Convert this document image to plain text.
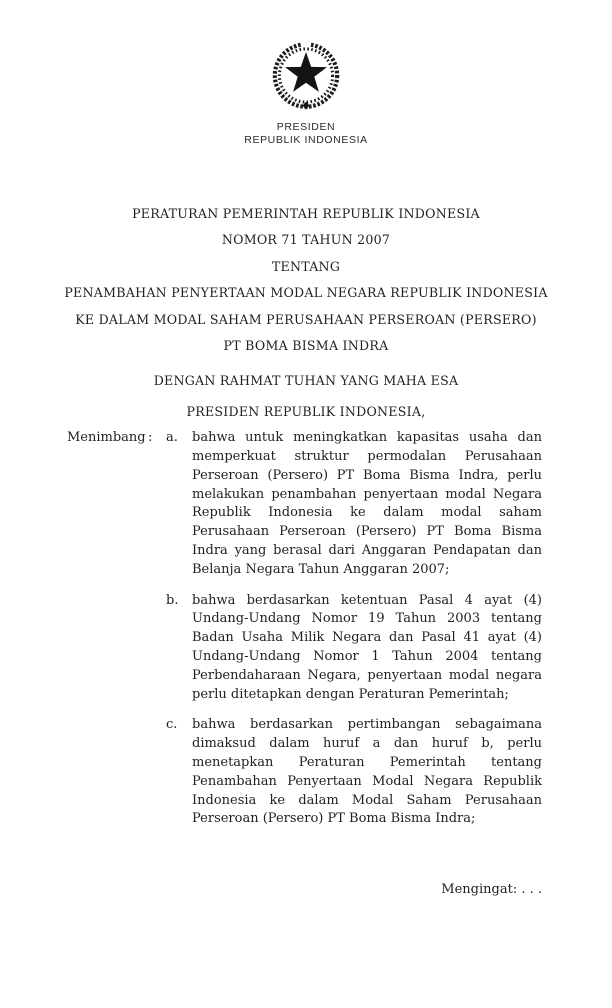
PRESIDEN
REPUBLIK INDONESIA
PERATURAN PEMERINTAH REPUBLIK INDONESIA
NOMOR 71 TAHUN 2007
TENTANG
PENAMBAHAN PENYERTAAN MODAL NEGARA REPUBLIK INDONESIA
KE DALAM MODAL SAHAM PERUSAHAAN PERSEROAN (PERSERO)
PT BOMA BISMA INDRA
DENGAN RAHMAT TUHAN YANG MAHA ESA
PRESIDEN REPUBLIK INDONESIA,
Menimbang :	a.	bahwa untuk meningkatkan kapasitas usaha dan memperkuat struktur permodalan Perusahaan Perseroan (Persero) PT Boma Bisma Indra, perlu melakukan penambahan penyertaan modal Negara Republik Indonesia ke dalam modal saham Perusahaan Perseroan (Persero) PT Boma Bisma Indra yang berasal dari Anggaran Pendapatan dan Belanja Negara Tahun Anggaran 2007;
b.	bahwa berdasarkan ketentuan Pasal 4 ayat (4) Undang-Undang Nomor 19 Tahun 2003 tentang Badan Usaha Milik Negara dan Pasal 41 ayat (4) Undang-Undang Nomor 1 Tahun 2004 tentang Perbendaharaan Negara, penyertaan modal negara perlu ditetapkan dengan Peraturan Pemerintah;
c.	bahwa berdasarkan pertimbangan sebagaimana dimaksud dalam huruf a dan huruf b, perlu menetapkan Peraturan Pemerintah tentang Penambahan Penyertaan Modal Negara Republik Indonesia ke dalam Modal Saham Perusahaan Perseroan (Persero) PT Boma Bisma Indra;
Mengingat: . . .
